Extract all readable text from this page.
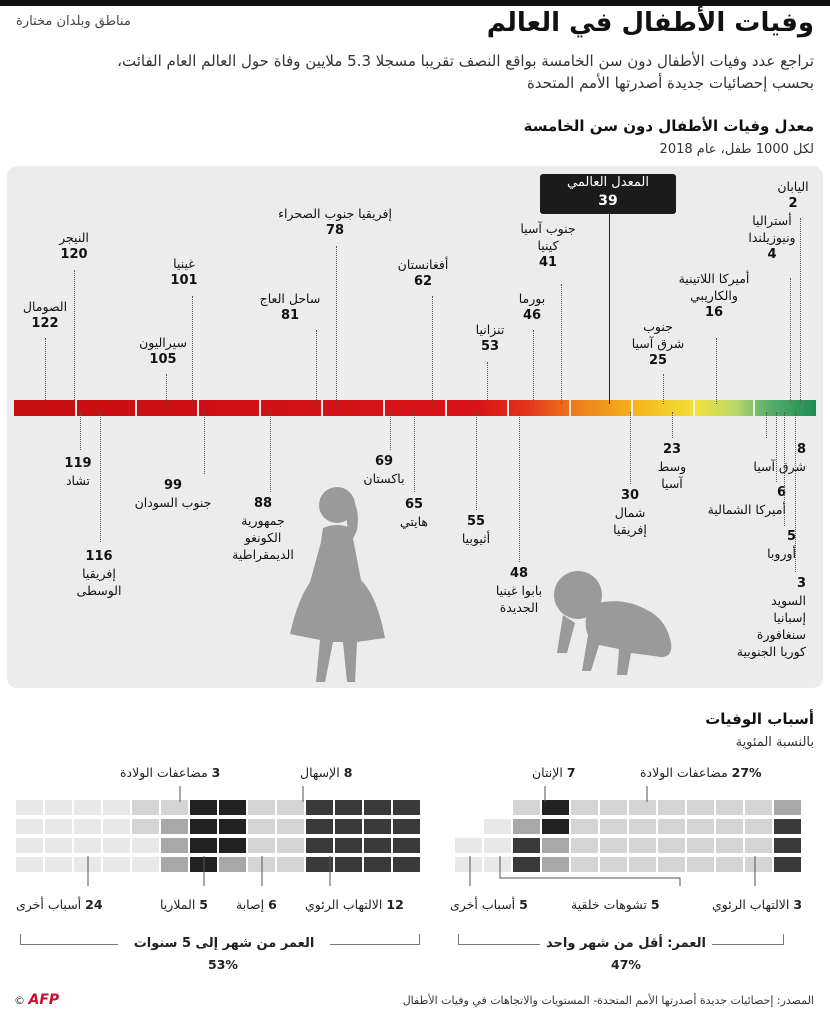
وفيات الأطفال في العالم
مناطق وبلدان مختارة
تراجع عدد وفيات الأطفال دون سن الخامسة بواقع النصف تقريبا مسجلا 5.3 ملايين وفاة حول العالم العام الفائت،
بحسب إحصائيات جديدة أصدرتها الأمم المتحدة
معدل وفيات الأطفال دون سن الخامسة
لكل 1000 طفل، عام 2018
المعدل العالمي
39
الصومال
122
النيجر
120
غينيا
101
سيراليون
105
ساحل العاج
81
إفريقيا جنوب الصحراء
78
أفغانستان
62
تنزانيا
53
بورما
46
جنوب آسيا
كينيا
41
جنوب
شرق آسيا
25
أميركا اللاتينية
والكاريبي
16
أستراليا
ونيوزيلندا
4
اليابان
2
119
تشاد
116
إفريقيا
الوسطى
99
جنوب السودان	88
جمهورية
الكونغو
الديمقراطية
69
باكستان
65
هايتي	55
أثيوبيا
48
بابوا غينيا
الجديدة
30
شمال
إفريقيا
23
وسط
آسيا
8
شرق آسيا
6
أميركا الشمالية
5
أوروبا
3
السويد
إسبانيا
سنغافورة
كوريا الجنوبية
أسباب الوفيات
بالنسبة المئوية
27% مضاعفات الولادة
7 الإنتان
8 الإسهال
3 مضاعفات الولادة
3 الالتهاب الرئوي
5 تشوهات خلقية
5 أسباب أخرى
12 الالتهاب الرئوي
6 إصابة
5 الملاريا
24 أسباب أخرى
العمر: أقل من شهر واحد
47%
العمر من شهر إلى 5 سنوات
53%
المصدر: إحصائيات جديدة أصدرتها الأمم المتحدة- المستويات والاتجاهات في وفيات الأطفال
© AFP
